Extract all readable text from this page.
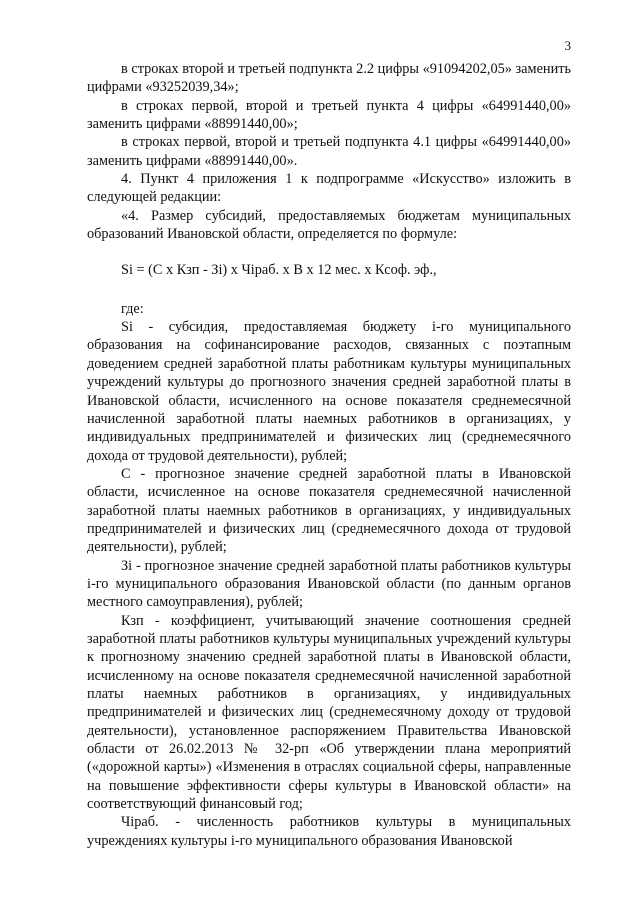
3

в строках второй и третьей подпункта 2.2 цифры «91094202,05» заменить цифрами «93252039,34»;

в строках первой, второй и третьей пункта 4 цифры «64991440,00» заменить цифрами «88991440,00»;

в строках первой, второй и третьей подпункта 4.1 цифры «64991440,00» заменить цифрами «88991440,00».

4. Пункт 4 приложения 1 к подпрограмме «Искусство» изложить в следующей редакции:

«4. Размер субсидий, предоставляемых бюджетам муниципальных образований Ивановской области, определяется по формуле:

Si = (С х Кзп - Зi) х Чiраб. х В х 12 мес. х Ксоф. эф.,

где:

Si - субсидия, предоставляемая бюджету i-го муниципального образования на софинансирование расходов, связанных с поэтапным доведением средней заработной платы работникам культуры муниципальных учреждений культуры до прогнозного значения средней заработной платы в Ивановской области, исчисленного на основе показателя среднемесячной начисленной заработной платы наемных работников в организациях, у индивидуальных предпринимателей и физических лиц (среднемесячного дохода от трудовой деятельности), рублей;

С - прогнозное значение средней заработной платы в Ивановской области, исчисленное на основе показателя среднемесячной начисленной заработной платы наемных работников в организациях, у индивидуальных предпринимателей и физических лиц (среднемесячного дохода от трудовой деятельности), рублей;

Зi - прогнозное значение средней заработной платы работников культуры i-го муниципального образования Ивановской области (по данным органов местного самоуправления), рублей;

Кзп - коэффициент, учитывающий значение соотношения средней заработной платы работников культуры муниципальных учреждений культуры к прогнозному значению средней заработной платы в Ивановской области, исчисленному на основе показателя среднемесячной начисленной заработной платы наемных работников в организациях, у индивидуальных предпринимателей и физических лиц (среднемесячному доходу от трудовой деятельности), установленное распоряжением Правительства Ивановской области от 26.02.2013 № 32-рп «Об утверждении плана мероприятий («дорожной карты») «Изменения в отраслях социальной сферы, направленные на повышение эффективности сферы культуры в Ивановской области» на соответствующий финансовый год;

Чiраб. - численность работников культуры в муниципальных учреждениях культуры i-го муниципального образования Ивановской
